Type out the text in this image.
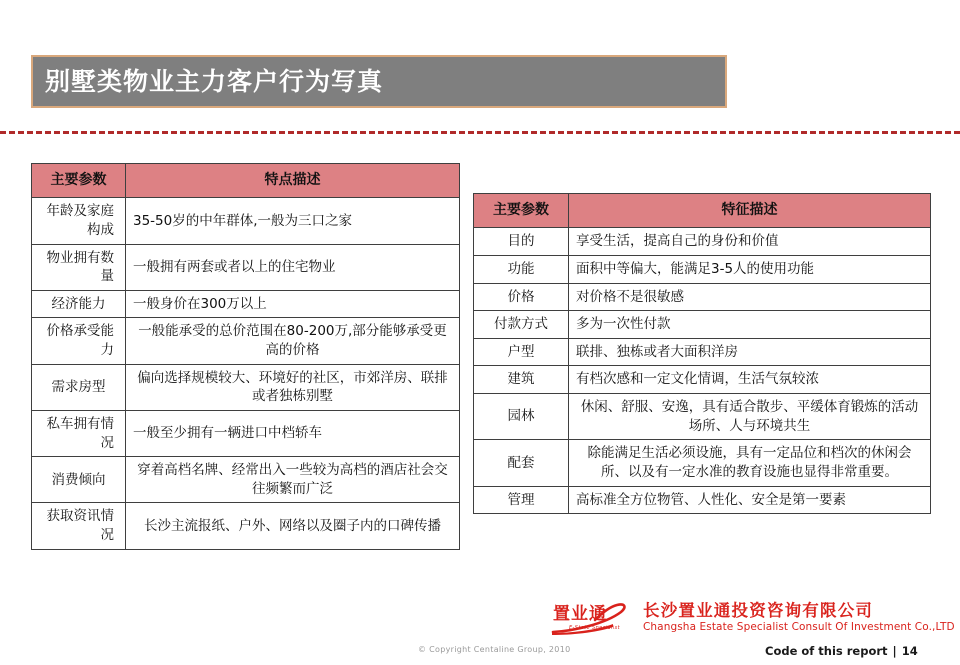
别墅类物业主力客户行为写真
主要参数	特点描述
年龄及家庭构成	35-50岁的中年群体,一般为三口之家
物业拥有数量	一般拥有两套或者以上的住宅物业
经济能力	一般身价在300万以上
价格承受能力	一般能承受的总价范围在80-200万,部分能够承受更高的价格
需求房型	偏向选择规模较大、环境好的社区，市郊洋房、联排或者独栋别墅
私车拥有情况	一般至少拥有一辆进口中档轿车
消费倾向	穿着高档名牌、经常出入一些较为高档的酒店社会交往频繁而广泛
获取资讯情况	长沙主流报纸、户外、网络以及圈子内的口碑传播
主要参数	特征描述
目的	享受生活，提高自己的身份和价值
功能	面积中等偏大，能满足3-5人的使用功能
价格	对价格不是很敏感
付款方式	多为一次性付款
户型	联排、独栋或者大面积洋房
建筑	有档次感和一定文化情调，生活气氛较浓
园林	休闲、舒服、安逸，具有适合散步、平缓体育锻炼的活动场所、人与环境共生
配套	除能满足生活必须设施，具有一定品位和档次的休闲会所、以及有一定水准的教育设施也显得非常重要。
管理	高标准全方位物管、人性化、安全是第一要素
© Copyright Centaline Group, 2010
置业通
E-State Specialist
长沙置业通投资咨询有限公司
Changsha Estate Specialist Consult Of Investment Co.,LTD
Code of this report | 14
